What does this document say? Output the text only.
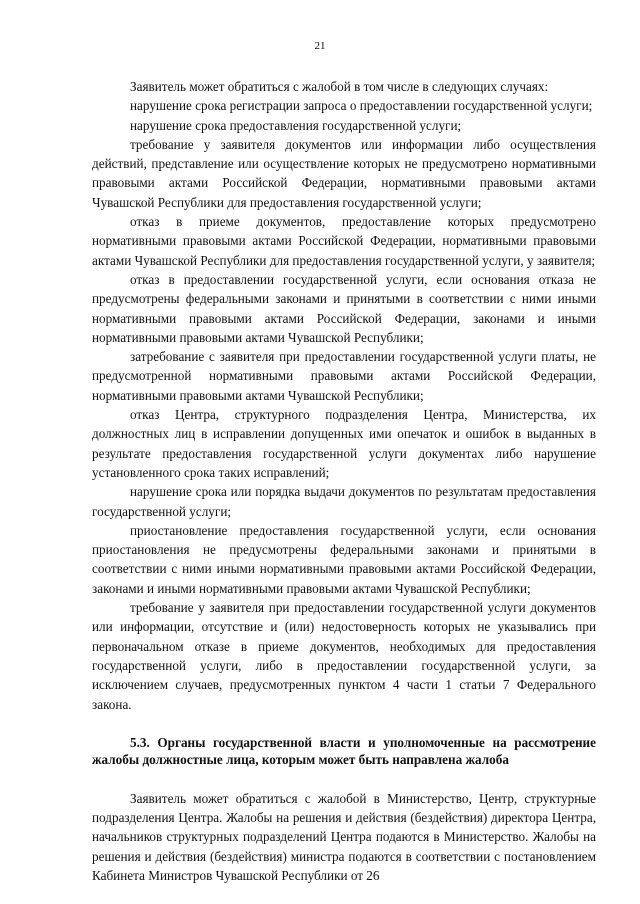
21

Заявитель может обратиться с жалобой в том числе в следующих случаях:

нарушение срока регистрации запроса о предоставлении государственной услуги;

нарушение срока предоставления государственной услуги;

требование у заявителя документов или информации либо осуществления действий, представление или осуществление которых не предусмотрено нормативными правовыми актами Российской Федерации, нормативными правовыми актами Чувашской Республики для предоставления государственной услуги;

отказ в приеме документов, предоставление которых предусмотрено нормативными правовыми актами Российской Федерации, нормативными правовыми актами Чувашской Республики для предоставления государственной услуги, у заявителя;

отказ в предоставлении государственной услуги, если основания отказа не предусмотрены федеральными законами и принятыми в соответствии с ними иными нормативными правовыми актами Российской Федерации, законами и иными нормативными правовыми актами Чувашской Республики;

затребование с заявителя при предоставлении государственной услуги платы, не предусмотренной нормативными правовыми актами Российской Федерации, нормативными правовыми актами Чувашской Республики;

отказ Центра, структурного подразделения Центра, Министерства, их должностных лиц в исправлении допущенных ими опечаток и ошибок в выданных в результате предоставления государственной услуги документах либо нарушение установленного срока таких исправлений;

нарушение срока или порядка выдачи документов по результатам предоставления государственной услуги;

приостановление предоставления государственной услуги, если основания приостановления не предусмотрены федеральными законами и принятыми в соответствии с ними иными нормативными правовыми актами Российской Федерации, законами и иными нормативными правовыми актами Чувашской Республики;

требование у заявителя при предоставлении государственной услуги документов или информации, отсутствие и (или) недостоверность которых не указывались при первоначальном отказе в приеме документов, необходимых для предоставления государственной услуги, либо в предоставлении государственной услуги, за исключением случаев, предусмотренных пунктом 4 части 1 статьи 7 Федерального закона.

5.3. Органы государственной власти и уполномоченные на рассмотрение жалобы должностные лица, которым может быть направлена жалоба

Заявитель может обратиться с жалобой в Министерство, Центр, структурные подразделения Центра. Жалобы на решения и действия (бездействия) директора Центра, начальников структурных подразделений Центра подаются в Министерство. Жалобы на решения и действия (бездействия) министра подаются в соответствии с постановлением Кабинета Министров Чувашской Республики от 26
